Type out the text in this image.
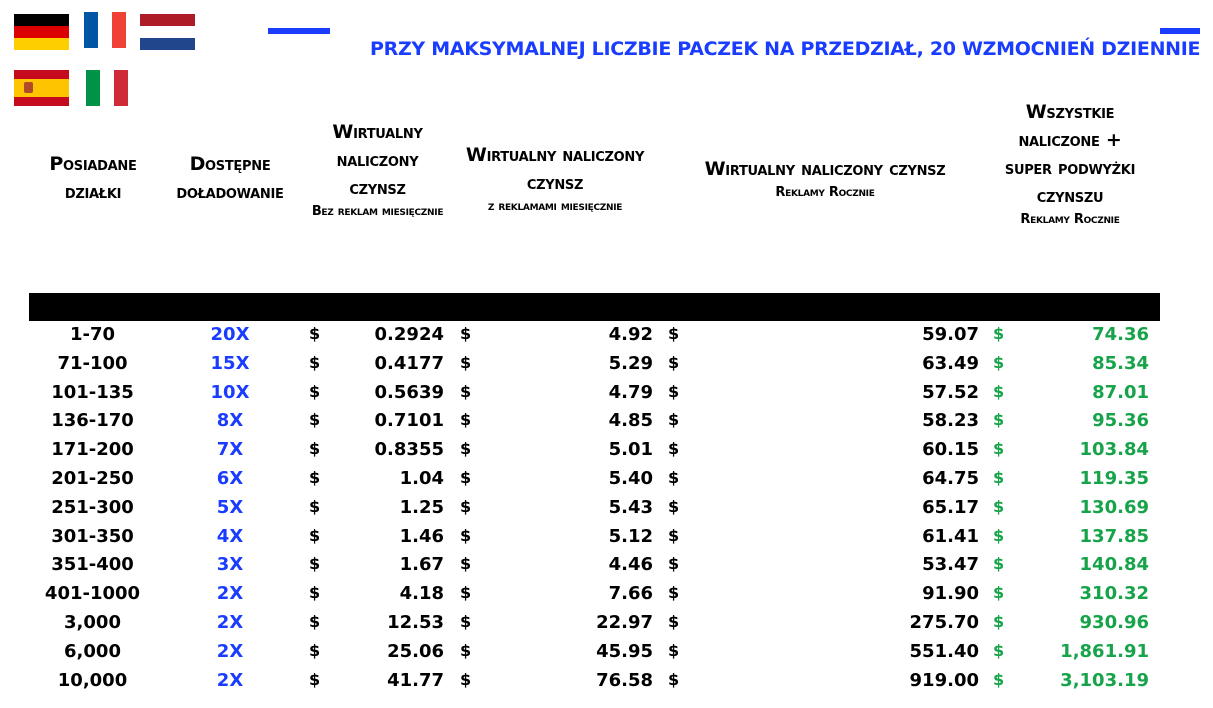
PRZY MAKSYMALNEJ LICZBIE PACZEK NA PRZEDZIAŁ, 20 WZMOCNIEŃ DZIENNIE
Posiadane działki
Dostępne doładowanie
Wirtualny naliczony czynsz
Bez reklam miesięcznie
Wirtualny naliczony czynsz
z reklamami miesięcznie
Wirtualny naliczony czynsz
Reklamy Rocznie
Wszystkie naliczone + super podwyżki czynszu
Reklamy Rocznie
1-70	20X	$	0.2924 $	4.92 $	59.07 $	74.36
71-100	15X	$	0.4177 $	5.29 $	63.49 $	85.34
101-135	10X	$	0.5639 $	4.79 $	57.52 $	87.01
136-170	8X	$	0.7101 $	4.85 $	58.23 $	95.36
171-200	7X	$	0.8355 $	5.01 $	60.15 $	103.84
201-250	6X	$	1.04 $	5.40 $	64.75 $	119.35
251-300	5X	$	1.25 $	5.43 $	65.17 $	130.69
301-350	4X	$	1.46 $	5.12 $	61.41 $	137.85
351-400	3X	$	1.67 $	4.46 $	53.47 $	140.84
401-1000	2X	$	4.18 $	7.66 $	91.90 $	310.32
3,000	2X	$	12.53 $	22.97 $	275.70 $	930.96
6,000	2X	$	25.06 $	45.95 $	551.40 $	1,861.91
10,000	2X	$	41.77 $	76.58 $	919.00 $	3,103.19
